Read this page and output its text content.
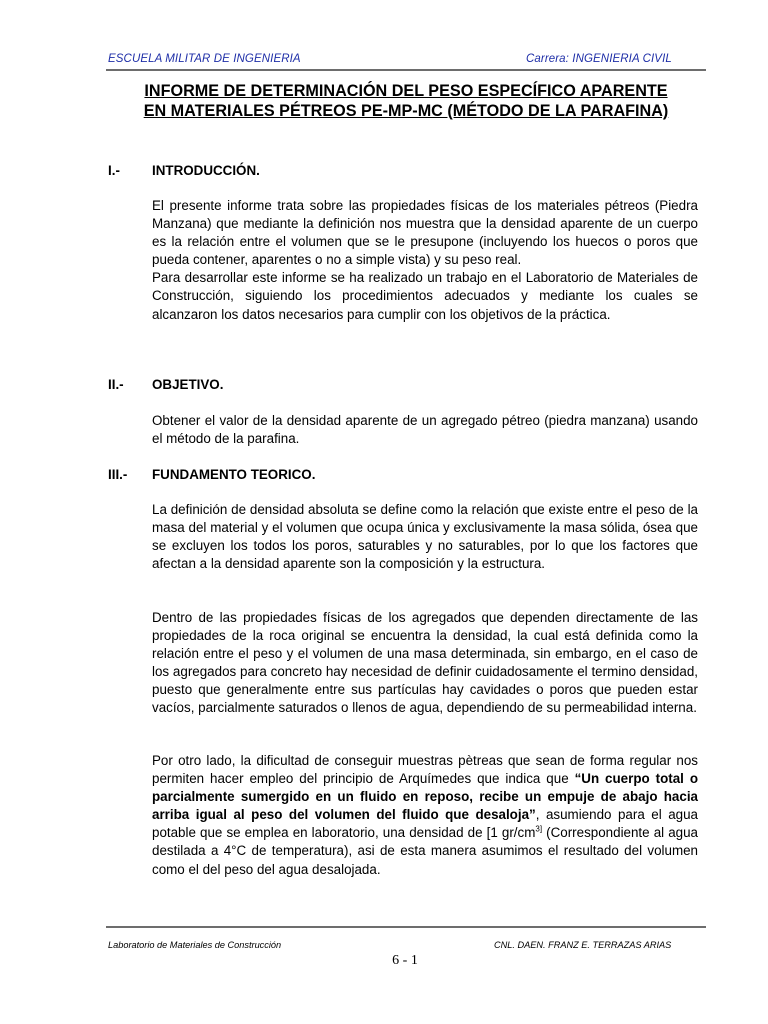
ESCUELA MILITAR DE INGENIERIA	Carrera: INGENIERIA CIVIL
INFORME DE DETERMINACIÓN DEL PESO ESPECÍFICO APARENTE
EN MATERIALES PÉTREOS PE-MP-MC (MÉTODO DE LA PARAFINA)
I.- INTRODUCCIÓN.

El presente informe trata sobre las propiedades físicas de los materiales pétreos (Piedra Manzana) que mediante la definición nos muestra que la densidad aparente de un cuerpo es la relación entre el volumen que se le presupone (incluyendo los huecos o poros que pueda contener, aparentes o no a simple vista) y su peso real.

Para desarrollar este informe se ha realizado un trabajo en el Laboratorio de Materiales de Construcción, siguiendo los procedimientos adecuados y mediante los cuales se alcanzaron los datos necesarios para cumplir con los objetivos de la práctica.

II.- OBJETIVO.

Obtener el valor de la densidad aparente de un agregado pétreo (piedra manzana) usando el método de la parafina.

III.- FUNDAMENTO TEORICO.

La definición de densidad absoluta se define como la relación que existe entre el peso de la masa del material y el volumen que ocupa única y exclusivamente la masa sólida, ósea que se excluyen los todos los poros, saturables y no saturables, por lo que los factores que afectan a la densidad aparente son la composición y la estructura.

Dentro de las propiedades físicas de los agregados que dependen directamente de las propiedades de la roca original se encuentra la densidad, la cual está definida como la relación entre el peso y el volumen de una masa determinada, sin embargo, en el caso de los agregados para concreto hay necesidad de definir cuidadosamente el termino densidad, puesto que generalmente entre sus partículas hay cavidades o poros que pueden estar vacíos, parcialmente saturados o llenos de agua, dependiendo de su permeabilidad interna.

Por otro lado, la dificultad de conseguir muestras pètreas que sean de forma regular nos permiten hacer empleo del principio de Arquímedes que indica que “Un cuerpo total o parcialmente sumergido en un fluido en reposo, recibe un empuje de abajo hacia arriba igual al peso del volumen del fluido que desaloja”, asumiendo para el agua potable que se emplea en laboratorio, una densidad de [1 $gr/cm^{3]}$ (Correspondiente al agua destilada a 4°C de temperatura), asi de esta manera asumimos el resultado del volumen como el del peso del agua desalojada.

Laboratorio de Materiales de Construcción	CNL. DAEN. FRANZ E. TERRAZAS ARIAS
6 - 1
